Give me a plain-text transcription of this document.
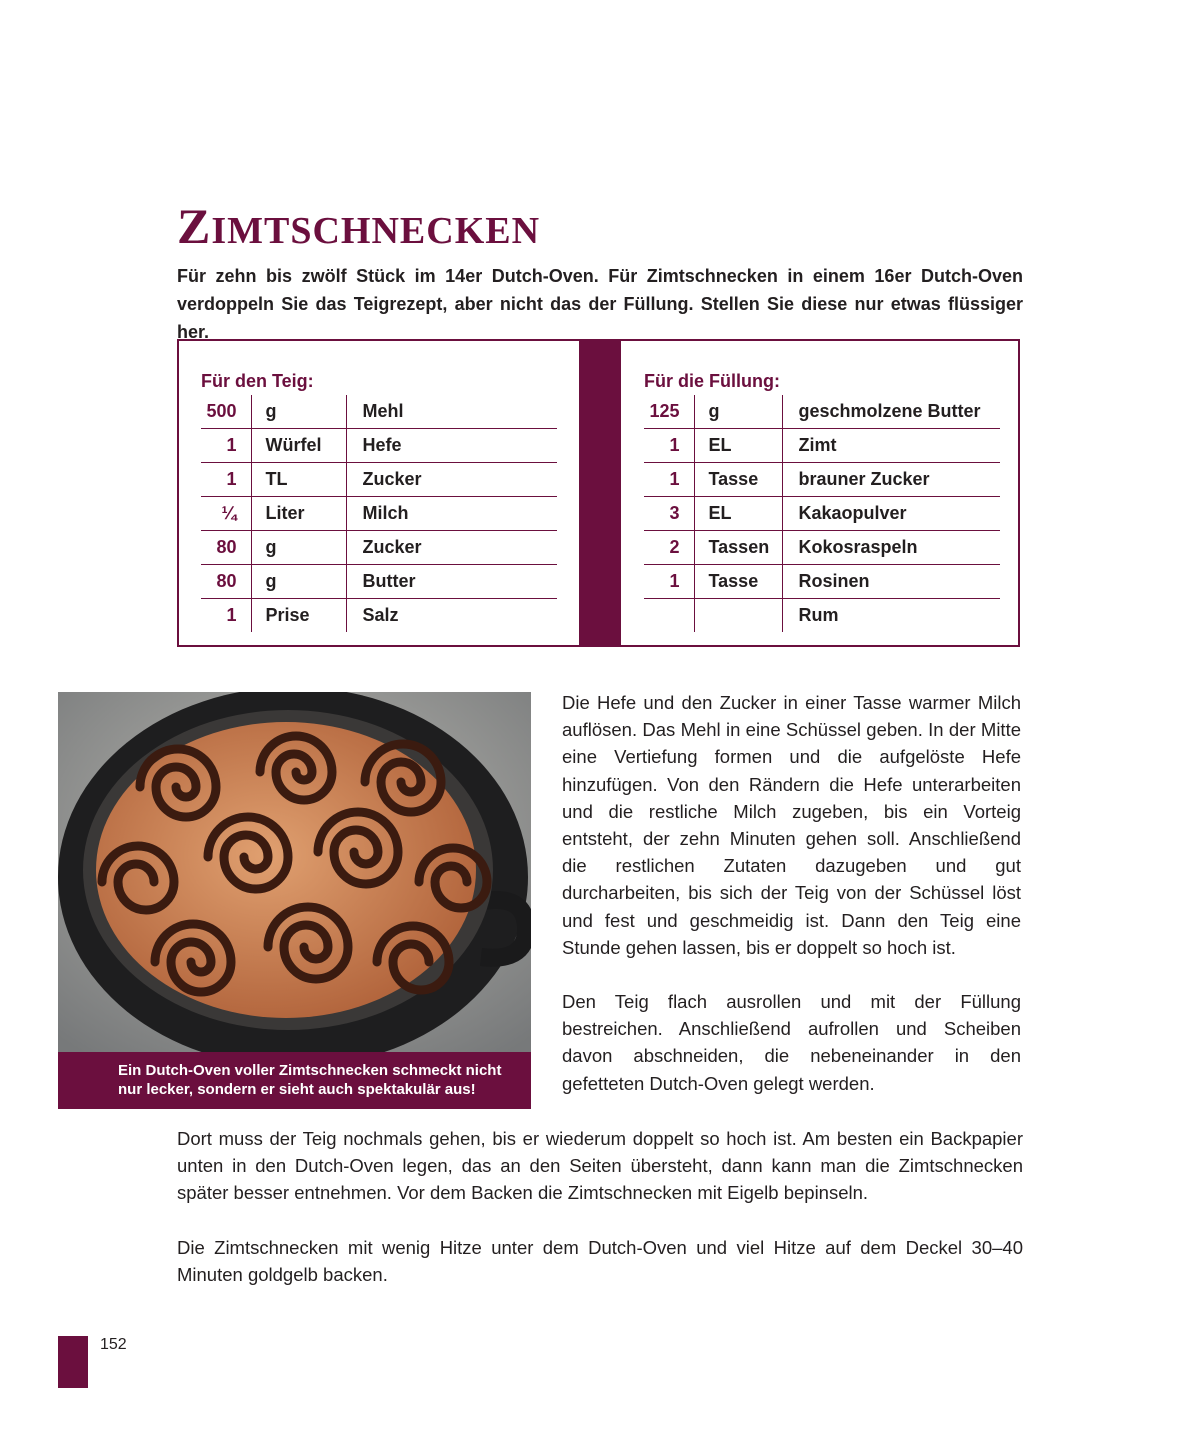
ZIMTSCHNECKEN
Für zehn bis zwölf Stück im 14er Dutch-Oven. Für Zimtschnecken in einem 16er Dutch-Oven verdoppeln Sie das Teigrezept, aber nicht das der Füllung. Stellen Sie diese nur etwas flüssiger her.
Für den Teig:
500	g	Mehl
1	Würfel	Hefe
1	TL	Zucker
¼	Liter	Milch
80	g	Zucker
80	g	Butter
1	Prise	Salz
Für die Füllung:
125	g	geschmolzene Butter
1	EL	Zimt
1	Tasse	brauner Zucker
3	EL	Kakaopulver
2	Tassen	Kokosraspeln
1	Tasse	Rosinen
		Rum
Ein Dutch-Oven voller Zimtschnecken schmeckt nicht nur lecker, sondern er sieht auch spektakulär aus!

Die Hefe und den Zucker in einer Tasse warmer Milch auflösen. Das Mehl in eine Schüssel geben. In der Mitte eine Vertiefung formen und die aufgelöste Hefe hinzufügen. Von den Rändern die Hefe unterarbeiten und die restliche Milch zugeben, bis ein Vorteig entsteht, der zehn Minuten gehen soll. Anschließend die restlichen Zutaten dazugeben und gut durcharbeiten, bis sich der Teig von der Schüssel löst und fest und geschmeidig ist. Dann den Teig eine Stunde gehen lassen, bis er doppelt so hoch ist.

Den Teig flach ausrollen und mit der Füllung bestreichen. Anschließend aufrollen und Scheiben davon abschneiden, die nebeneinander in den gefetteten Dutch-Oven gelegt werden.

Dort muss der Teig nochmals gehen, bis er wiederum doppelt so hoch ist. Am besten ein Backpapier unten in den Dutch-Oven legen, das an den Seiten übersteht, dann kann man die Zimtschnecken später besser entnehmen. Vor dem Backen die Zimtschnecken mit Eigelb bepinseln.

Die Zimtschnecken mit wenig Hitze unter dem Dutch-Oven und viel Hitze auf dem Deckel 30–40 Minuten goldgelb backen.

152
